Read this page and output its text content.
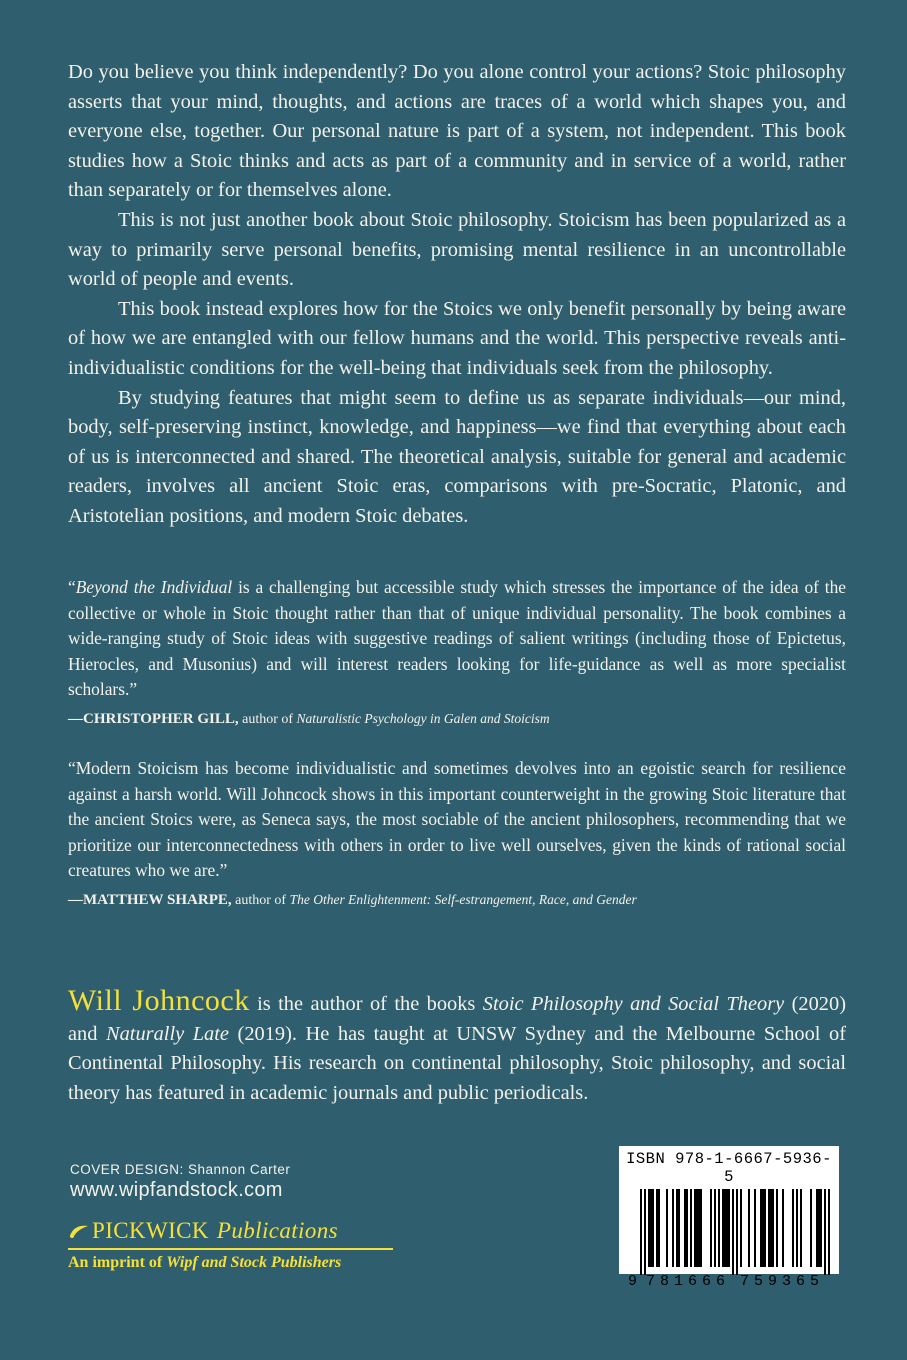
Do you believe you think independently? Do you alone control your actions? Stoic philosophy asserts that your mind, thoughts, and actions are traces of a world which shapes you, and everyone else, together. Our personal nature is part of a system, not independent. This book studies how a Stoic thinks and acts as part of a community and in service of a world, rather than separately or for themselves alone.

This is not just another book about Stoic philosophy. Stoicism has been popularized as a way to primarily serve personal benefits, promising mental resilience in an uncontrollable world of people and events.

This book instead explores how for the Stoics we only benefit personally by being aware of how we are entangled with our fellow humans and the world. This perspective reveals anti-individualistic conditions for the well-being that individuals seek from the philosophy.

By studying features that might seem to define us as separate individuals—our mind, body, self-preserving instinct, knowledge, and happiness—we find that everything about each of us is interconnected and shared. The theoretical analysis, suitable for general and academic readers, involves all ancient Stoic eras, comparisons with pre-Socratic, Platonic, and Aristotelian positions, and modern Stoic debates.

“Beyond the Individual is a challenging but accessible study which stresses the importance of the idea of the collective or whole in Stoic thought rather than that of unique individual personality. The book combines a wide-ranging study of Stoic ideas with suggestive readings of salient writings (including those of Epictetus, Hierocles, and Musonius) and will interest readers looking for life-guidance as well as more specialist scholars.”

—CHRISTOPHER GILL, author of Naturalistic Psychology in Galen and Stoicism

“Modern Stoicism has become individualistic and sometimes devolves into an egoistic search for resilience against a harsh world. Will Johncock shows in this important counterweight in the growing Stoic literature that the ancient Stoics were, as Seneca says, the most sociable of the ancient philosophers, recommending that we prioritize our interconnectedness with others in order to live well ourselves, given the kinds of rational social creatures who we are.”

—MATTHEW SHARPE, author of The Other Enlightenment: Self-estrangement, Race, and Gender

Will Johncock is the author of the books Stoic Philosophy and Social Theory (2020) and Naturally Late (2019). He has taught at UNSW Sydney and the Melbourne School of Continental Philosophy. His research on continental philosophy, Stoic philosophy, and social theory has featured in academic journals and public periodicals.
COVER DESIGN: Shannon Carter
www.wipfandstock.com
PICKWICK Publications
An imprint of Wipf and Stock Publishers
ISBN 978-1-6667-5936-5
9 7 8 1 6 6 6 7 5 9 3 6 5
